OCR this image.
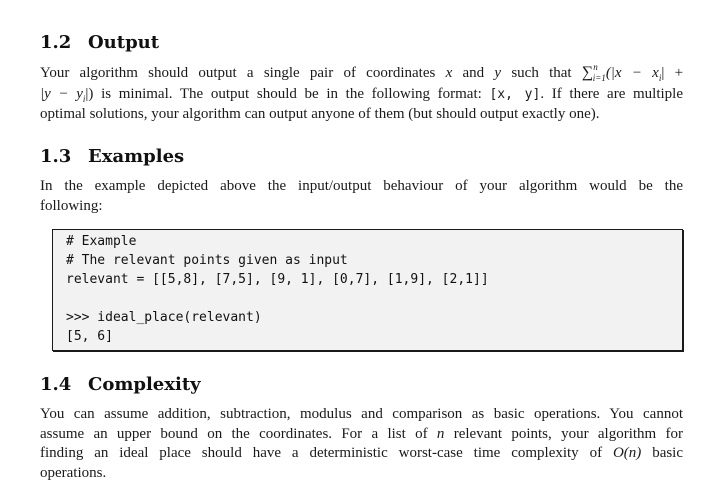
1.2 Output
Your algorithm should output a single pair of coordinates x and y such that $\sum^n_{i=1}(|x - x_i|$ +
$|y - y_i|$) is minimal. The output should be in the following format: [x, y]. If there are multiple
optimal solutions, your algorithm can output anyone of them (but should output exactly one).
1.3 Examples
In the example depicted above the input/output behaviour of your algorithm would be the
following:
# Example
# The relevant points given as input
relevant = [[5,8], [7,5], [9, 1], [0,7], [1,9], [2,1]]
>>> ideal_place(relevant)
[5, 6]
1.4 Complexity
You can assume addition, subtraction, modulus and comparison as basic operations. You cannot
assume an upper bound on the coordinates. For a list of n relevant points, your algorithm for
finding an ideal place should have a deterministic worst-case time complexity of O(n) basic
operations.
